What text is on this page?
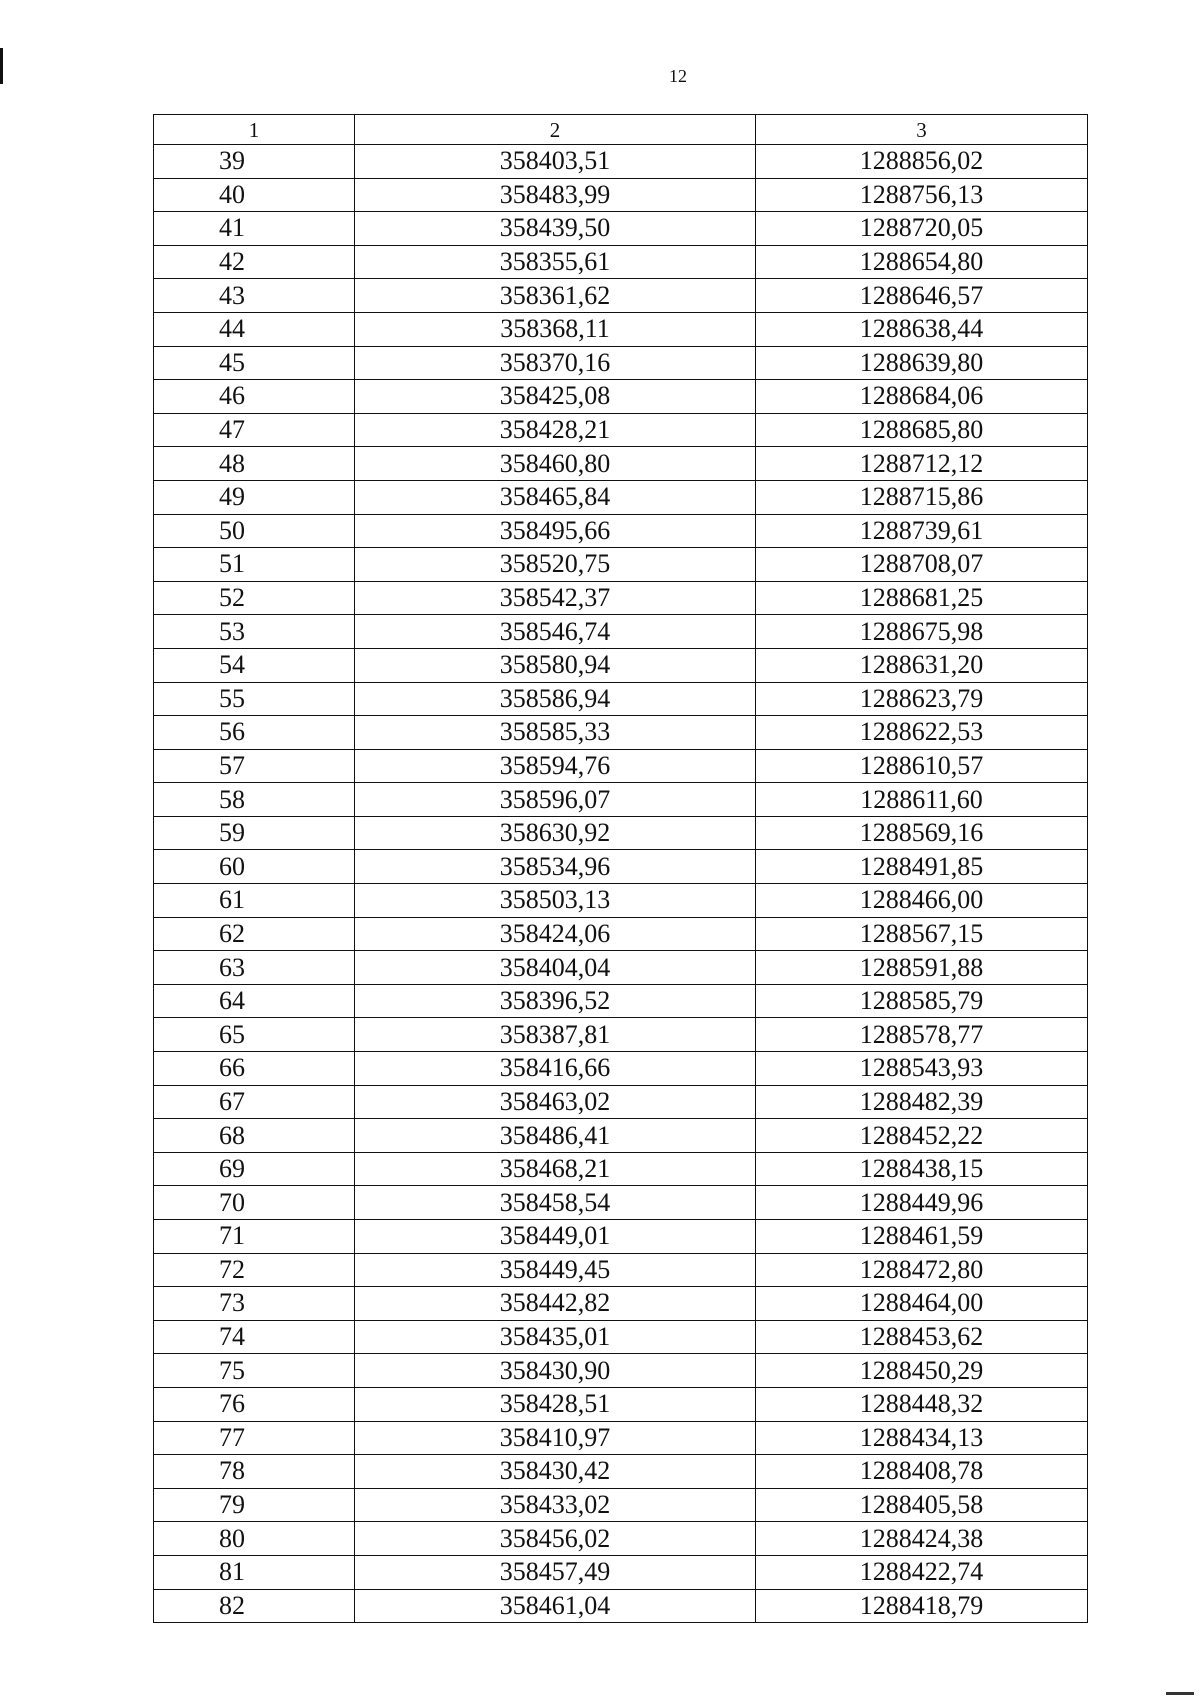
12
1	2	3
39	358403,51	1288856,02
40	358483,99	1288756,13
41	358439,50	1288720,05
42	358355,61	1288654,80
43	358361,62	1288646,57
44	358368,11	1288638,44
45	358370,16	1288639,80
46	358425,08	1288684,06
47	358428,21	1288685,80
48	358460,80	1288712,12
49	358465,84	1288715,86
50	358495,66	1288739,61
51	358520,75	1288708,07
52	358542,37	1288681,25
53	358546,74	1288675,98
54	358580,94	1288631,20
55	358586,94	1288623,79
56	358585,33	1288622,53
57	358594,76	1288610,57
58	358596,07	1288611,60
59	358630,92	1288569,16
60	358534,96	1288491,85
61	358503,13	1288466,00
62	358424,06	1288567,15
63	358404,04	1288591,88
64	358396,52	1288585,79
65	358387,81	1288578,77
66	358416,66	1288543,93
67	358463,02	1288482,39
68	358486,41	1288452,22
69	358468,21	1288438,15
70	358458,54	1288449,96
71	358449,01	1288461,59
72	358449,45	1288472,80
73	358442,82	1288464,00
74	358435,01	1288453,62
75	358430,90	1288450,29
76	358428,51	1288448,32
77	358410,97	1288434,13
78	358430,42	1288408,78
79	358433,02	1288405,58
80	358456,02	1288424,38
81	358457,49	1288422,74
82	358461,04	1288418,79
